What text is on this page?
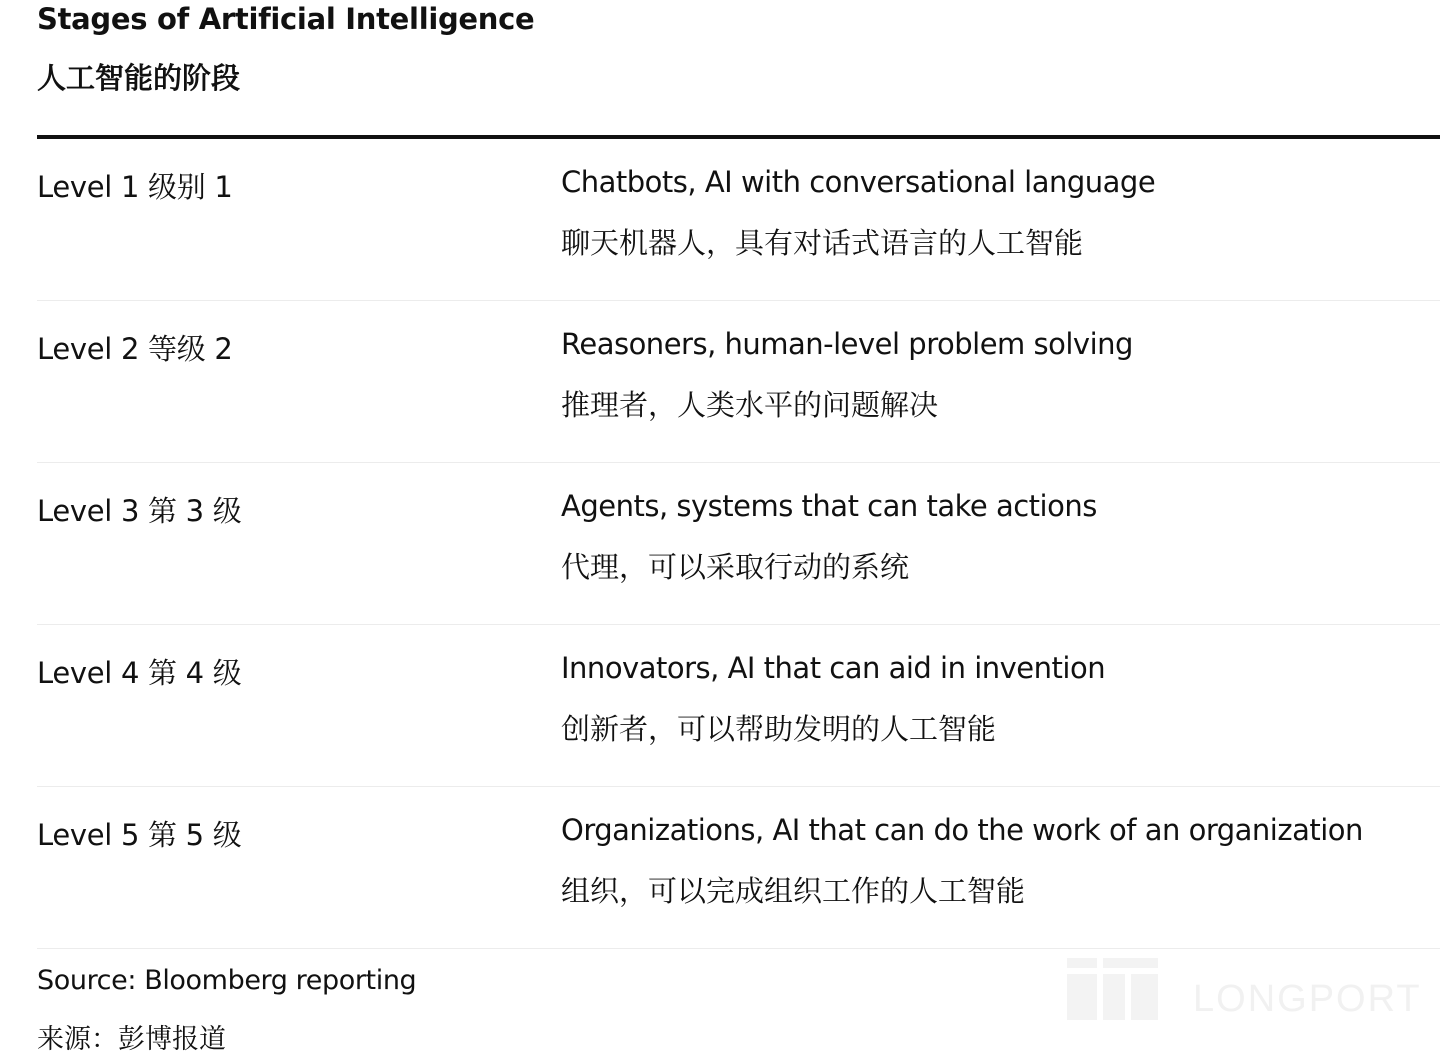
Stages of Artificial Intelligence
人工智能的阶段
Level 1 级别 1	Chatbots, AI with conversational language
聊天机器人，具有对话式语言的人工智能
Level 2 等级 2	Reasoners, human-level problem solving
推理者，人类水平的问题解决
Level 3 第 3 级	Agents, systems that can take actions
代理，可以采取行动的系统
Level 4 第 4 级	Innovators, AI that can aid in invention
创新者，可以帮助发明的人工智能
Level 5 第 5 级	Organizations, AI that can do the work of an organization
组织，可以完成组织工作的人工智能
Source: Bloomberg reporting
来源：彭博报道
LONGPORT
